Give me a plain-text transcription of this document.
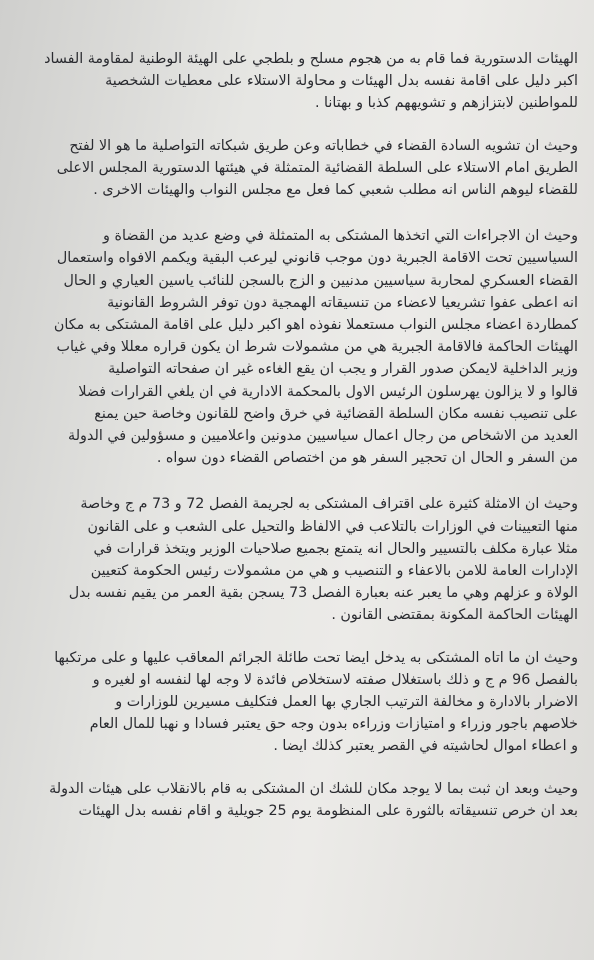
الهيئات الدستورية فما قام به من هجوم مسلح و بلطجي على الهيئة الوطنية لمقاومة الفساد
اكبر دليل على اقامة نفسه بدل الهيئات و محاولة الاستلاء على معطيات الشخصية
للمواطنين لابتزازهم و تشويههم كذبا و بهتانا .

وحيث ان تشويه السادة القضاء في خطاباته وعن طريق شبكاته التواصلية ما هو الا لفتح
الطريق امام الاستلاء على السلطة القضائية المتمثلة في هيئتها الدستورية المجلس الاعلى
للقضاء ليوهم الناس انه مطلب شعبي كما فعل مع مجلس النواب والهيئات الاخرى .

وحيث ان الاجراءات التي اتخذها المشتكى به المتمثلة في وضع عديد من القضاة و
السياسيين تحت الاقامة الجبرية دون موجب قانوني ليرعب البقية ويكمم الافواه واستعمال
القضاء العسكري لمحاربة سياسيين مدنيين و الزج بالسجن للنائب ياسين العياري و الحال
انه اعطى عفوا تشريعيا لاعضاء من تنسيقاته الهمجية دون توفر الشروط القانونية
كمطاردة اعضاء مجلس النواب مستعملا نفوذه اهو اكبر دليل على اقامة المشتكى به مكان
الهيئات الحاكمة فالاقامة الجبرية هي من مشمولات شرط ان يكون قراره معللا وفي غياب
وزير الداخلية لايمكن صدور القرار و يجب ان يقع الغاءه غير ان صفحاته التواصلية
قالوا و لا يزالون يهرسلون الرئيس الاول بالمحكمة الادارية في ان يلغي القرارات فضلا
على تنصيب نفسه مكان السلطة القضائية في خرق واضح للقانون وخاصة حين يمنع
العديد من الاشخاص من رجال اعمال سياسيين مدونين واعلاميين و مسؤولين في الدولة
من السفر و الحال ان تحجير السفر هو من اختصاص القضاء دون سواه .

وحيث ان الامثلة كثيرة على اقتراف المشتكى به لجريمة الفصل 72 و 73 م ج وخاصة
منها التعيينات في الوزارات بالتلاعب في الالفاظ والتحيل على الشعب و على القانون
مثلا عبارة مكلف بالتسيير والحال انه يتمتع بجميع صلاحيات الوزير ويتخذ قرارات في
الإدارات العامة للامن بالاعفاء و التنصيب و هي من مشمولات رئيس الحكومة كتعيين
الولاة و عزلهم وهي ما يعبر عنه بعبارة الفصل 73 يسجن بقية العمر من يقيم نفسه بدل
الهيئات الحاكمة المكونة بمقتضى القانون .

وحيث ان ما اتاه المشتكى به يدخل ايضا تحت طائلة الجرائم المعاقب عليها و على مرتكبها
بالفصل 96 م ج و ذلك باستغلال صفته لاستخلاص فائدة لا وجه لها لنفسه او لغيره و
الاضرار بالادارة و مخالفة الترتيب الجاري بها العمل فتكليف مسيرين للوزارات و
خلاصهم باجور وزراء و امتيازات وزراءه بدون وجه حق يعتبر فسادا و نهبا للمال العام
و اعطاء اموال لحاشيته في القصر يعتبر كذلك ايضا .

وحيث وبعد ان ثبت بما لا يوجد مكان للشك ان المشتكى به قام بالانقلاب على هيئات الدولة
بعد ان خرص تنسيقاته بالثورة على المنظومة يوم 25 جويلية و اقام نفسه بدل الهيئات
